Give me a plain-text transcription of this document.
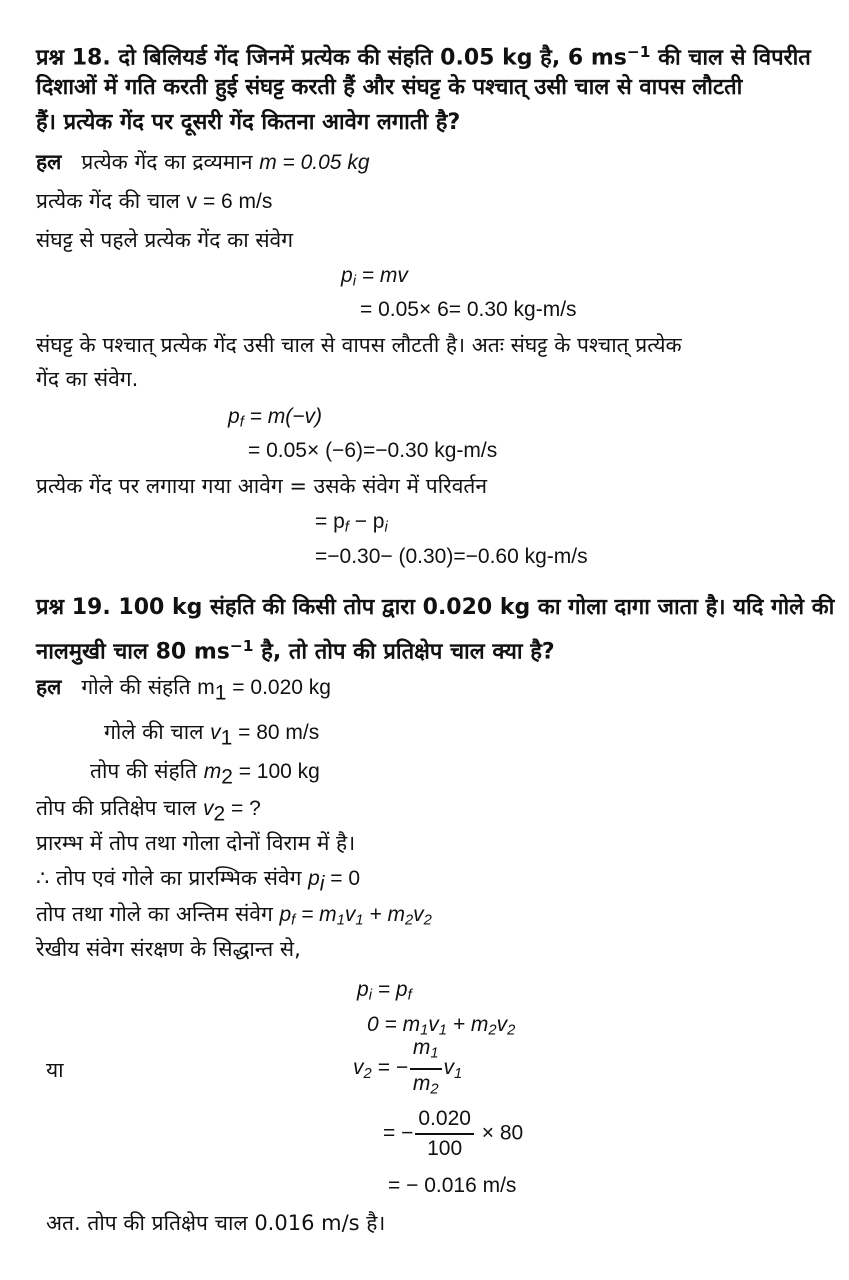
प्रश्न 18. दो बिलियर्ड गेंद जिनमें प्रत्येक की संहति 0.05 kg है, 6 $ms^{-1}$ की चाल से विपरीत
दिशाओं में गति करती हुई संघट्ट करती हैं और संघट्ट के पश्चात् उसी चाल से वापस लौटती
हैं। प्रत्येक गेंद पर दूसरी गेंद कितना आवेग लगाती है?
हल प्रत्येक गेंद का द्रव्यमान m = 0.05 kg
प्रत्येक गेंद की चाल v = 6 m/s
संघट्ट से पहले प्रत्येक गेंद का संवेग
$p_i$ = mv
= 0.05× 6= 0.30 kg-m/s
संघट्ट के पश्चात् प्रत्येक गेंद उसी चाल से वापस लौटती है। अतः संघट्ट के पश्चात् प्रत्येक
गेंद का संवेग.
$p_f = m(-v)$
= 0.05× (−6)=−0.30 kg-m/s
प्रत्येक गेंद पर लगाया गया आवेग = उसके संवेग में परिवर्तन
= $p_f - p_i$
=−0.30− (0.30)=−0.60 kg-m/s
प्रश्न 19. 100 kg संहति की किसी तोप द्वारा 0.020 kg का गोला दागा जाता है। यदि गोले की
नालमुखी चाल 80 $ms^{-1}$ है, तो तोप की प्रतिक्षेप चाल क्या है?
हल गोले की संहति $m_1 = 0.020$ kg
गोले की चाल $v_1 = 80$ m/s
तोप की संहति $m_2 = 100$ kg
तोप की प्रतिक्षेप चाल $v_2$ = ?
प्रारम्भ में तोप तथा गोला दोनों विराम में है।
∴ तोप एवं गोले का प्रारम्भिक संवेग $p_i = 0$
तोप तथा गोले का अन्तिम संवेग $p_f = m_1v_1 + m_2v_2$
रेखीय संवेग संरक्षण के सिद्धान्त से,
$p_i = p_f$
$0 = m_1v_1 + m_2v_2$
या	$v_2$ = − $\frac{m_1}{m_2} v_1$
= − $\frac{0.020}{100} \times 80$
= − 0.016 m/s
अत. तोप की प्रतिक्षेप चाल 0.016 m/s है।
